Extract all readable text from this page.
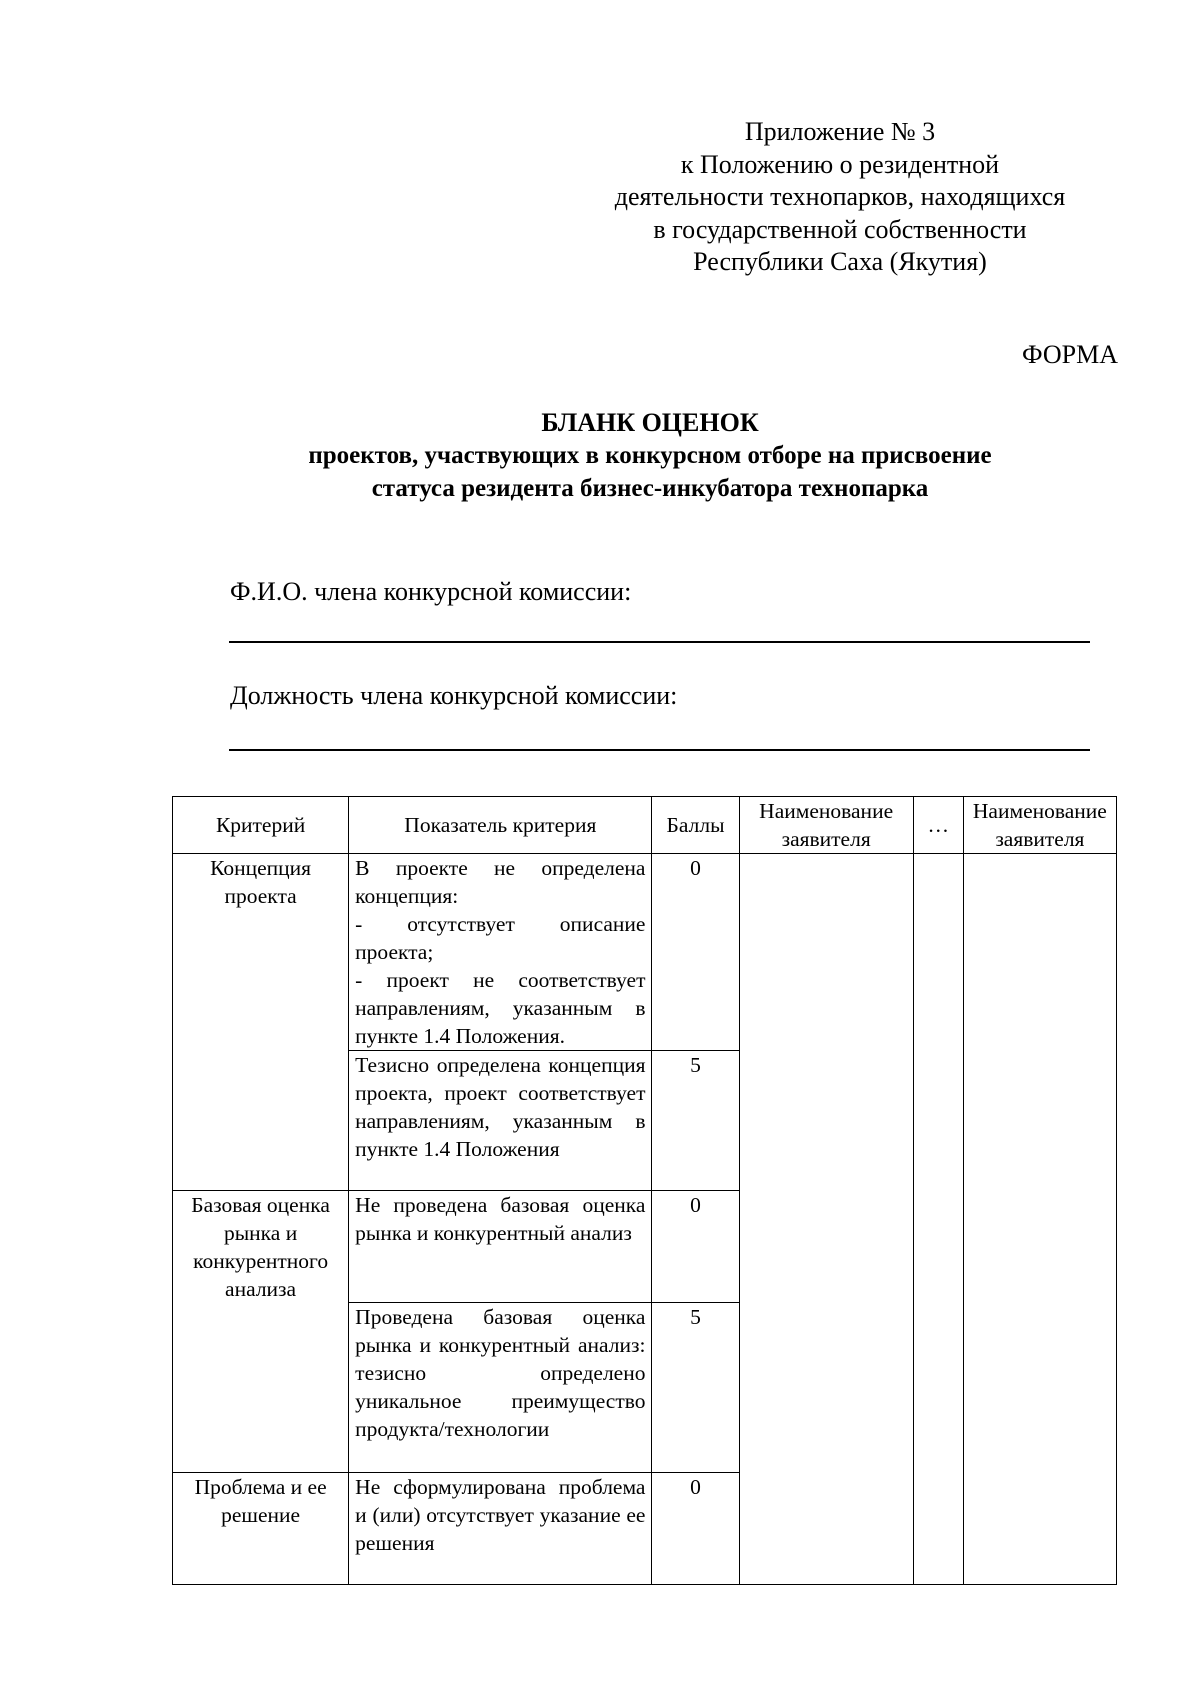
Приложение № 3
к Положению о резидентной
деятельности технопарков, находящихся
в государственной собственности
Республики Саха (Якутия)
ФОРМА
БЛАНК ОЦЕНОК
проектов, участвующих в конкурсном отборе на присвоение
статуса резидента бизнес-инкубатора технопарка
Ф.И.О. члена конкурсной комиссии:
Должность члена конкурсной комиссии:
Критерий	Показатель критерия	Баллы	Наименование заявителя	…	Наименование заявителя
Концепция проекта	В проекте не определена концепция:
- отсутствует описание проекта;
- проект не соответствует направлениям, указанным в пункте 1.4 Положения.	0			
	Тезисно определена концепция проекта, проект соответствует направлениям, указанным в пункте 1.4 Положения	5			
Базовая оценка рынка и конкурентного анализа	Не проведена базовая оценка рынка и конкурентный анализ	0			
	Проведена базовая оценка рынка и конкурентный анализ: тезисно определено уникальное преимущество продукта/технологии	5			
Проблема и ее решение	Не сформулирована проблема и (или) отсутствует указание ее решения	0			
